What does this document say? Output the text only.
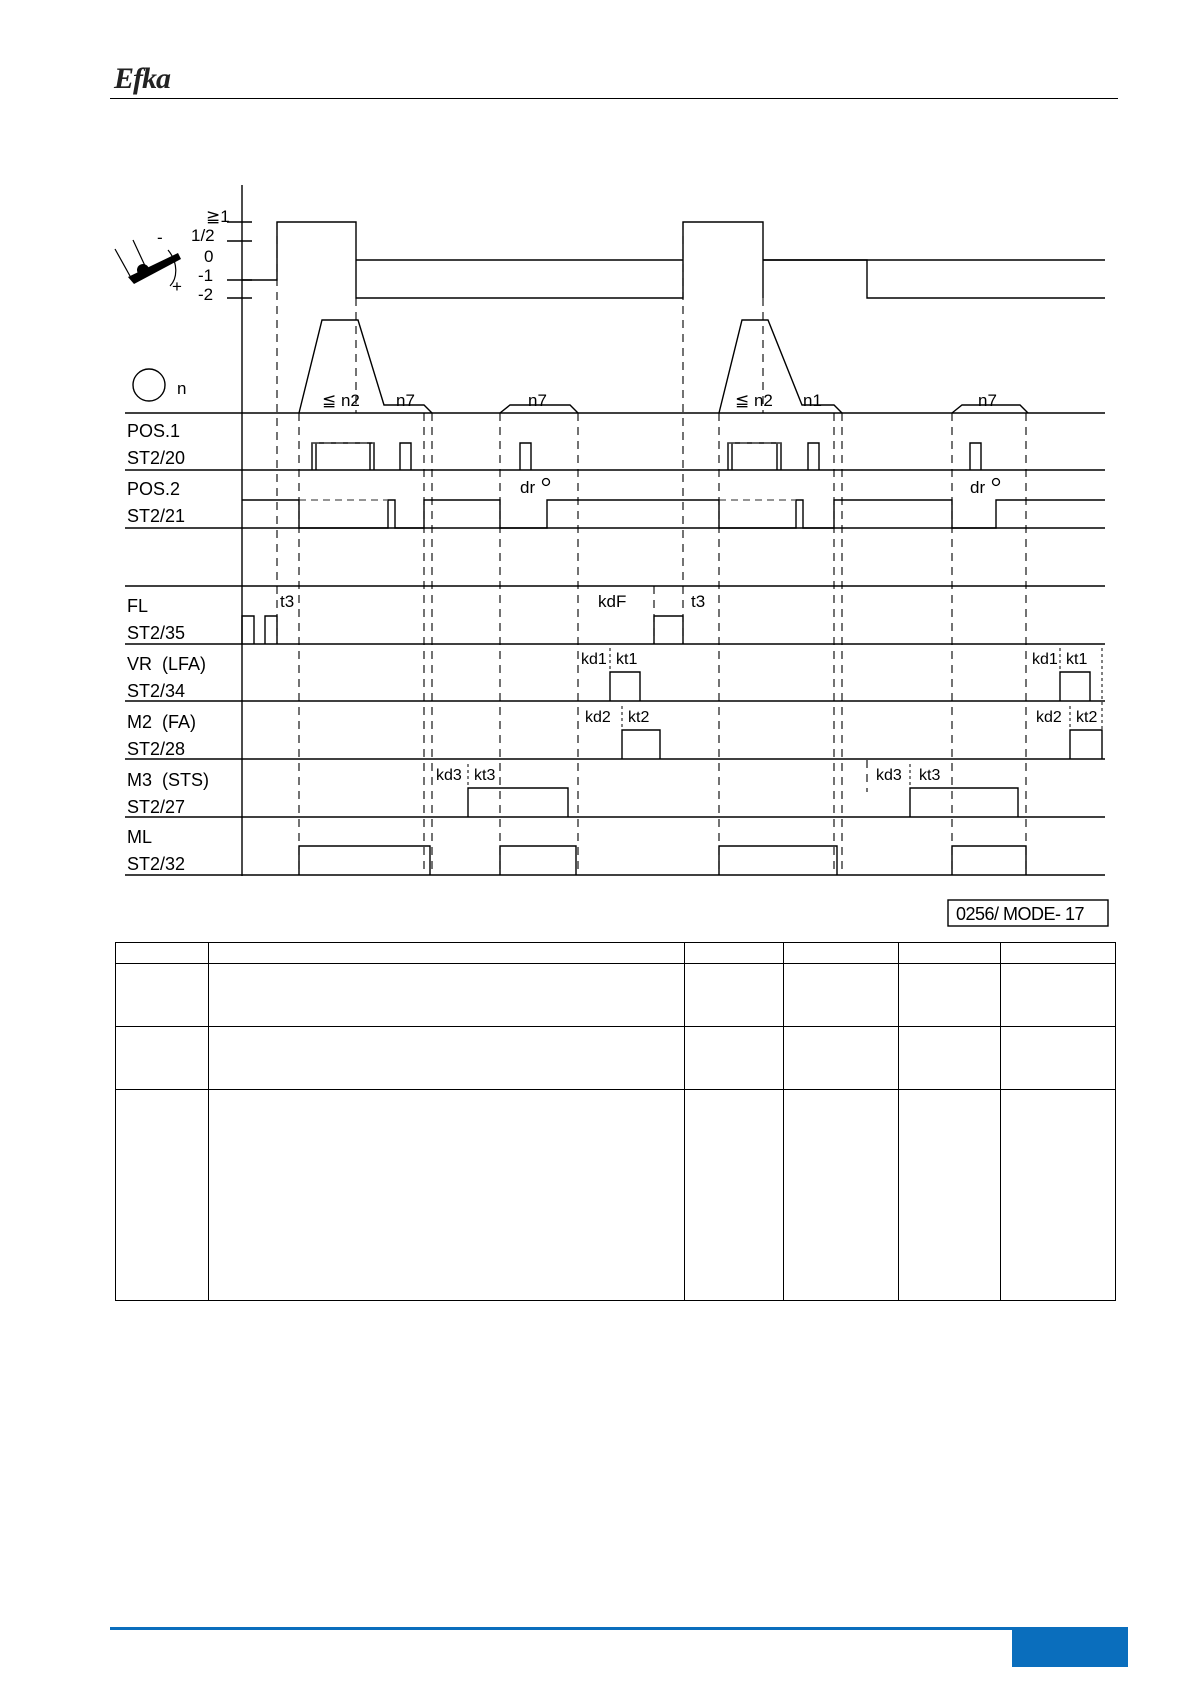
Efka
≧1
1/2
0
-1
-2
-
+
n
≦ n2 n7	n7	≦ n2 n1	n7
dr	dr
t3	kdF	t3
kd1 kt1
kd2 kt2
kd1 kt1
kd2 kt2
kd3 kt3	kd3 kt3
POS.1
ST2/20
POS.2
ST2/21
FL
ST2/35
VR  (LFA)
ST2/34
M2  (FA)
ST2/28
M3  (STS)
ST2/27
ML
ST2/32
0256/ MODE- 17
